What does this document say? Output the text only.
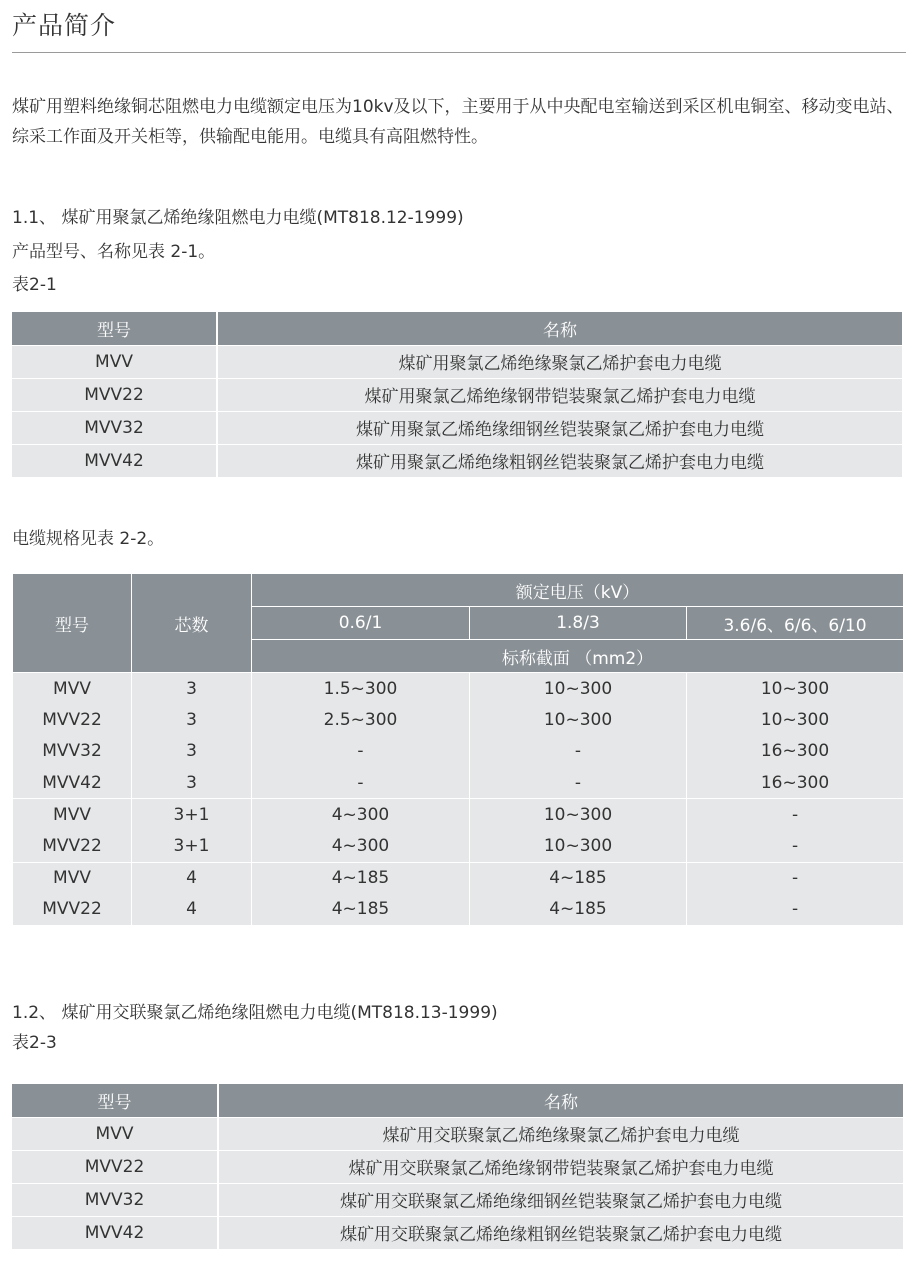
产品简介

煤矿用塑料绝缘铜芯阻燃电力电缆额定电压为10kv及以下，主要用于从中央配电室输送到采区机电铜室、移动变电站、综采工作面及开关柜等，供输配电能用。电缆具有高阻燃特性。

1.1、 煤矿用聚氯乙烯绝缘阻燃电力电缆(MT818.12-1999)
产品型号、名称见表 2-1。
表2-1
型号	名称
MVV	煤矿用聚氯乙烯绝缘聚氯乙烯护套电力电缆
MVV22	煤矿用聚氯乙烯绝缘钢带铠装聚氯乙烯护套电力电缆
MVV32	煤矿用聚氯乙烯绝缘细钢丝铠装聚氯乙烯护套电力电缆
MVV42	煤矿用聚氯乙烯绝缘粗钢丝铠装聚氯乙烯护套电力电缆
电缆规格见表 2-2。
型号	芯数	额定电压（kV）		
		0.6/1	1.8/3	3.6/6、6/6、6/10
		标称截面 （mm2）		
MVV	3	1.5~300	10~300	10~300
MVV22	3	2.5~300	10~300	10~300
MVV32	3	-	-	16~300
MVV42	3	-	-	16~300
MVV	3+1	4~300	10~300	-
MVV22	3+1	4~300	10~300	-
MVV	4	4~185	4~185	-
MVV22	4	4~185	4~185	-
1.2、 煤矿用交联聚氯乙烯绝缘阻燃电力电缆(MT818.13-1999)
表2-3
型号	名称
MVV	煤矿用交联聚氯乙烯绝缘聚氯乙烯护套电力电缆
MVV22	煤矿用交联聚氯乙烯绝缘钢带铠装聚氯乙烯护套电力电缆
MVV32	煤矿用交联聚氯乙烯绝缘细钢丝铠装聚氯乙烯护套电力电缆
MVV42	煤矿用交联聚氯乙烯绝缘粗钢丝铠装聚氯乙烯护套电力电缆
